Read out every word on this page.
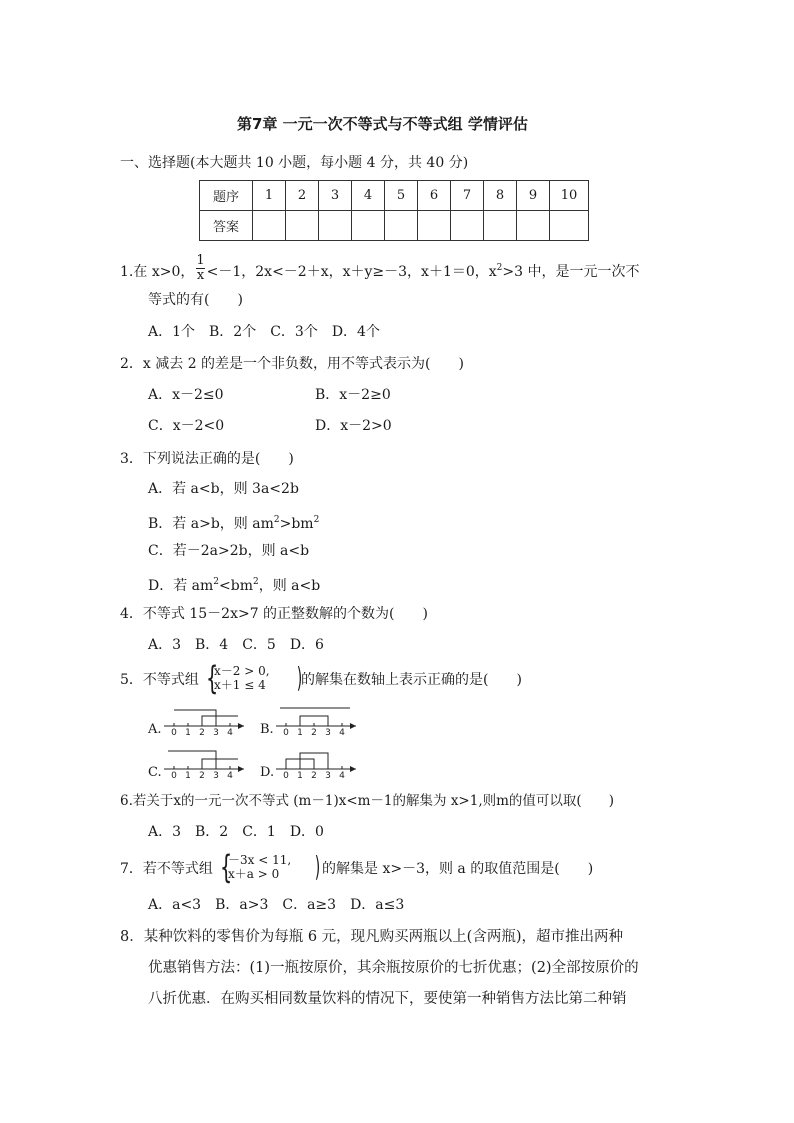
第7章 一元一次不等式与不等式组 学情评估
一、选择题(本大题共 10 小题，每小题 4 分，共 40 分)
题序	1	2	3	4	5	6	7	8	9	10
答案										
1.在 x>0， $\frac{1}{x} <-1$，2x<－2＋x，x＋y≥－3，x＋1＝0，$x^2>3$ 中，是一元一次不
等式的有(　　)
A．1个　B．2个　C．3个　D．4个
2．x 减去 2 的差是一个非负数，用不等式表示为(　　)
A．x－2≤0	B．x－2≥0
C．x－2<0	D．x－2>0
3．下列说法正确的是(　　)
A．若 a<b，则 3a<2b
B．若 a>b，则 $am^2>bm^2$
C．若－2a>2b，则 a<b
D．若 $am^2<bm^2$，则 a<b
4．不等式 15－2x>7 的正整数解的个数为(　　)
A．3　B．4　C．5　D．6
5．不等式组 {
x－2 > 0,
x＋1 ≤ 4 )
的解集在数轴上表示正确的是(　　)
A. 0 1 2 3 4 B. 0 1 2 3 4
C. 0 1 2 3 4 D. 0 1 2 3 4
6.若关于x的一元一次不等式 (m－1)x<m－1的解集为 x>1,则m的值可以取(　　)
A．3　B．2　C．1　D．0
7．若不等式组 {
－3x < 11,
x＋a > 0	) 的解集是 x>－3，则 a 的取值范围是(　　)
A．a<3　B．a>3　C．a≥3　D．a≤3
8．某种饮料的零售价为每瓶 6 元，现凡购买两瓶以上(含两瓶)，超市推出两种
优惠销售方法：(1)一瓶按原价，其余瓶按原价的七折优惠；(2)全部按原价的
八折优惠．在购买相同数量饮料的情况下，要使第一种销售方法比第二种销
